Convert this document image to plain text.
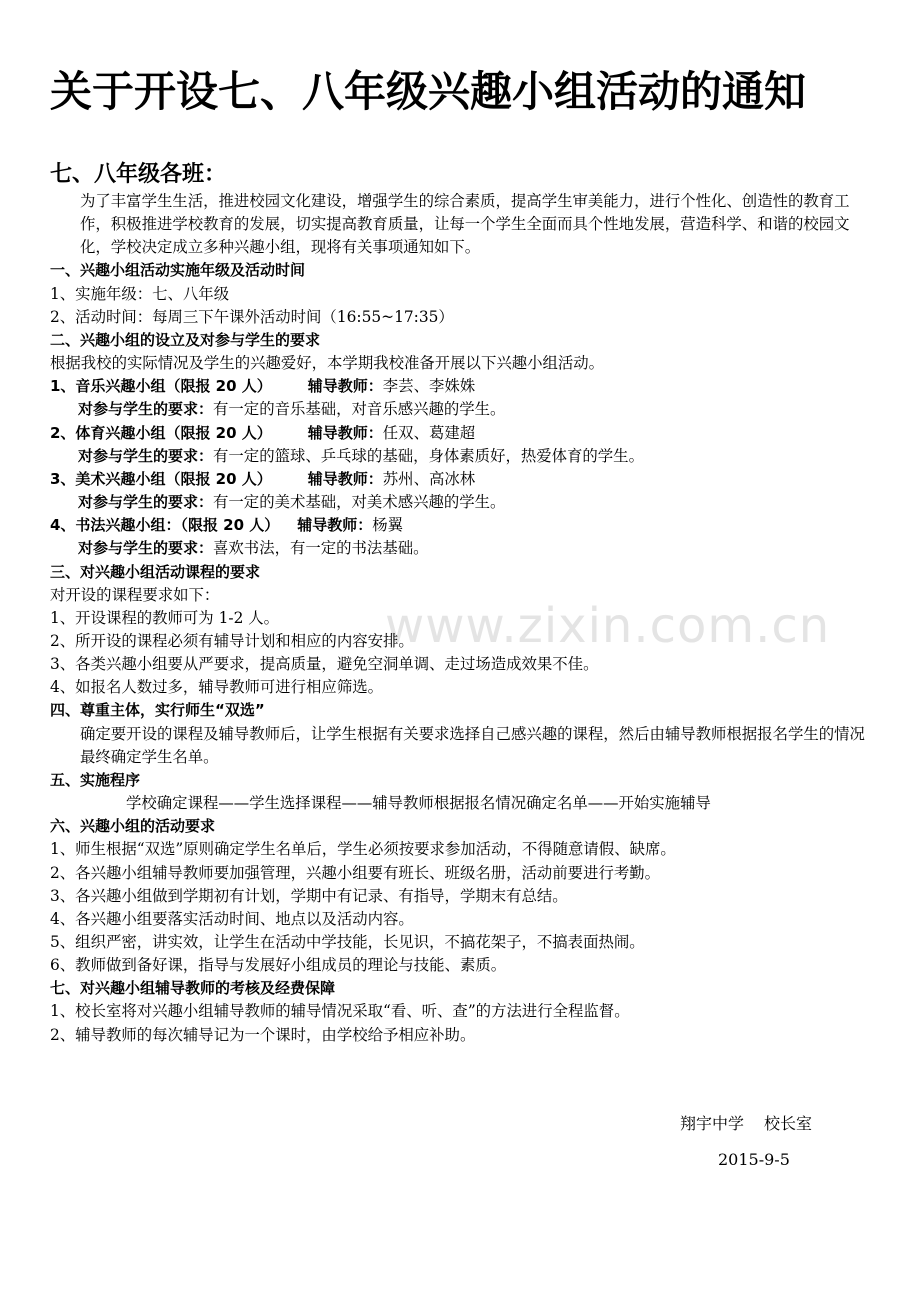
www.zixin.com.cn
关于开设七、八年级兴趣小组活动的通知
七、八年级各班：

为了丰富学生生活，推进校园文化建设，增强学生的综合素质，提高学生审美能力，进行个性化、创造性的教育工作，积极推进学校教育的发展，切实提高教育质量，让每一个学生全面而具个性地发展，营造科学、和谐的校园文化，学校决定成立多种兴趣小组，现将有关事项通知如下。

一、兴趣小组活动实施年级及活动时间

1、实施年级：七、八年级

2、活动时间：每周三下午课外活动时间（16:55~17:35）

二、兴趣小组的设立及对参与学生的要求

根据我校的实际情况及学生的兴趣爱好，本学期我校准备开展以下兴趣小组活动。

1、音乐兴趣小组（限报 20 人） 辅导教师：李芸、李姝姝

对参与学生的要求：有一定的音乐基础，对音乐感兴趣的学生。

2、体育兴趣小组（限报 20 人） 辅导教师：任双、葛建超

对参与学生的要求：有一定的篮球、乒乓球的基础，身体素质好，热爱体育的学生。

3、美术兴趣小组（限报 20 人） 辅导教师：苏州、高冰林

对参与学生的要求：有一定的美术基础，对美术感兴趣的学生。

4、书法兴趣小组：（限报 20 人） 辅导教师：杨翼

对参与学生的要求：喜欢书法，有一定的书法基础。

三、对兴趣小组活动课程的要求

对开设的课程要求如下：

1、开设课程的教师可为 1-2 人。

2、所开设的课程必须有辅导计划和相应的内容安排。

3、各类兴趣小组要从严要求，提高质量，避免空洞单调、走过场造成效果不佳。

4、如报名人数过多，辅导教师可进行相应筛选。

四、尊重主体，实行师生“双选”

确定要开设的课程及辅导教师后，让学生根据有关要求选择自己感兴趣的课程，然后由辅导教师根据报名学生的情况最终确定学生名单。

五、实施程序

学校确定课程——学生选择课程——辅导教师根据报名情况确定名单——开始实施辅导

六、兴趣小组的活动要求

1、师生根据“双选”原则确定学生名单后，学生必须按要求参加活动，不得随意请假、缺席。

2、各兴趣小组辅导教师要加强管理，兴趣小组要有班长、班级名册，活动前要进行考勤。

3、各兴趣小组做到学期初有计划，学期中有记录、有指导，学期末有总结。

4、各兴趣小组要落实活动时间、地点以及活动内容。

5、组织严密，讲实效，让学生在活动中学技能，长见识，不搞花架子，不搞表面热闹。

6、教师做到备好课，指导与发展好小组成员的理论与技能、素质。

七、对兴趣小组辅导教师的考核及经费保障

1、校长室将对兴趣小组辅导教师的辅导情况采取“看、听、查”的方法进行全程监督。

2、辅导教师的每次辅导记为一个课时，由学校给予相应补助。

翔宇中学 校长室
2015-9-5
